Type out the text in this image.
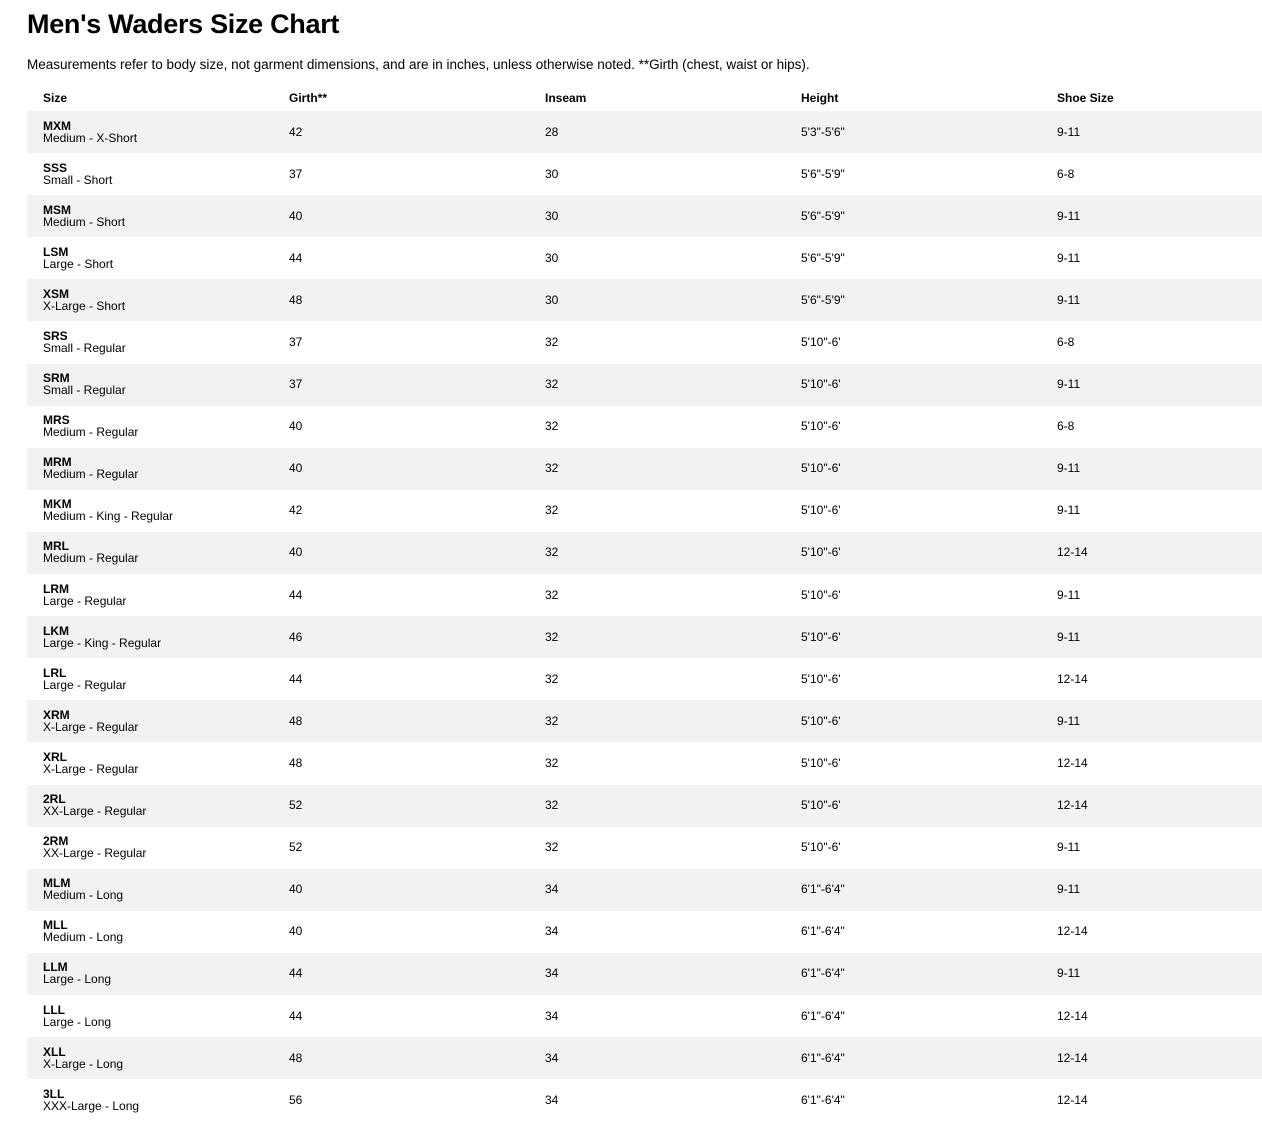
Men's Waders Size Chart

Measurements refer to body size, not garment dimensions, and are in inches, unless otherwise noted. **Girth (chest, waist or hips).

Size	Girth**	Inseam	Height	Shoe Size

MXM
Medium - X-Short	42	28	5'3"-5'6"	9-11

SSS
Small - Short	37	30	5'6"-5'9"	6-8

MSM
Medium - Short	40	30	5'6"-5'9"	9-11

LSM
Large - Short	44	30	5'6"-5'9"	9-11

XSM
X-Large - Short	48	30	5'6"-5'9"	9-11

SRS
Small - Regular	37	32	5'10"-6'	6-8

SRM
Small - Regular	37	32	5'10"-6'	9-11

MRS
Medium - Regular	40	32	5'10"-6'	6-8

MRM
Medium - Regular	40	32	5'10"-6'	9-11

MKM
Medium - King - Regular	42	32	5'10"-6'	9-11

MRL
Medium - Regular	40	32	5'10"-6'	12-14

LRM
Large - Regular	44	32	5'10"-6'	9-11

LKM
Large - King - Regular	46	32	5'10"-6'	9-11

LRL
Large - Regular	44	32	5'10"-6'	12-14

XRM
X-Large - Regular	48	32	5'10"-6'	9-11

XRL
X-Large - Regular	48	32	5'10"-6'	12-14

2RL
XX-Large - Regular	52	32	5'10"-6'	12-14

2RM
XX-Large - Regular	52	32	5'10"-6'	9-11

MLM
Medium - Long	40	34	6'1"-6'4"	9-11

MLL
Medium - Long	40	34	6'1"-6'4"	12-14

LLM
Large - Long	44	34	6'1"-6'4"	9-11

LLL
Large - Long	44	34	6'1"-6'4"	12-14

XLL
X-Large - Long	48	34	6'1"-6'4"	12-14

3LL
XXX-Large - Long	56	34	6'1"-6'4"	12-14
